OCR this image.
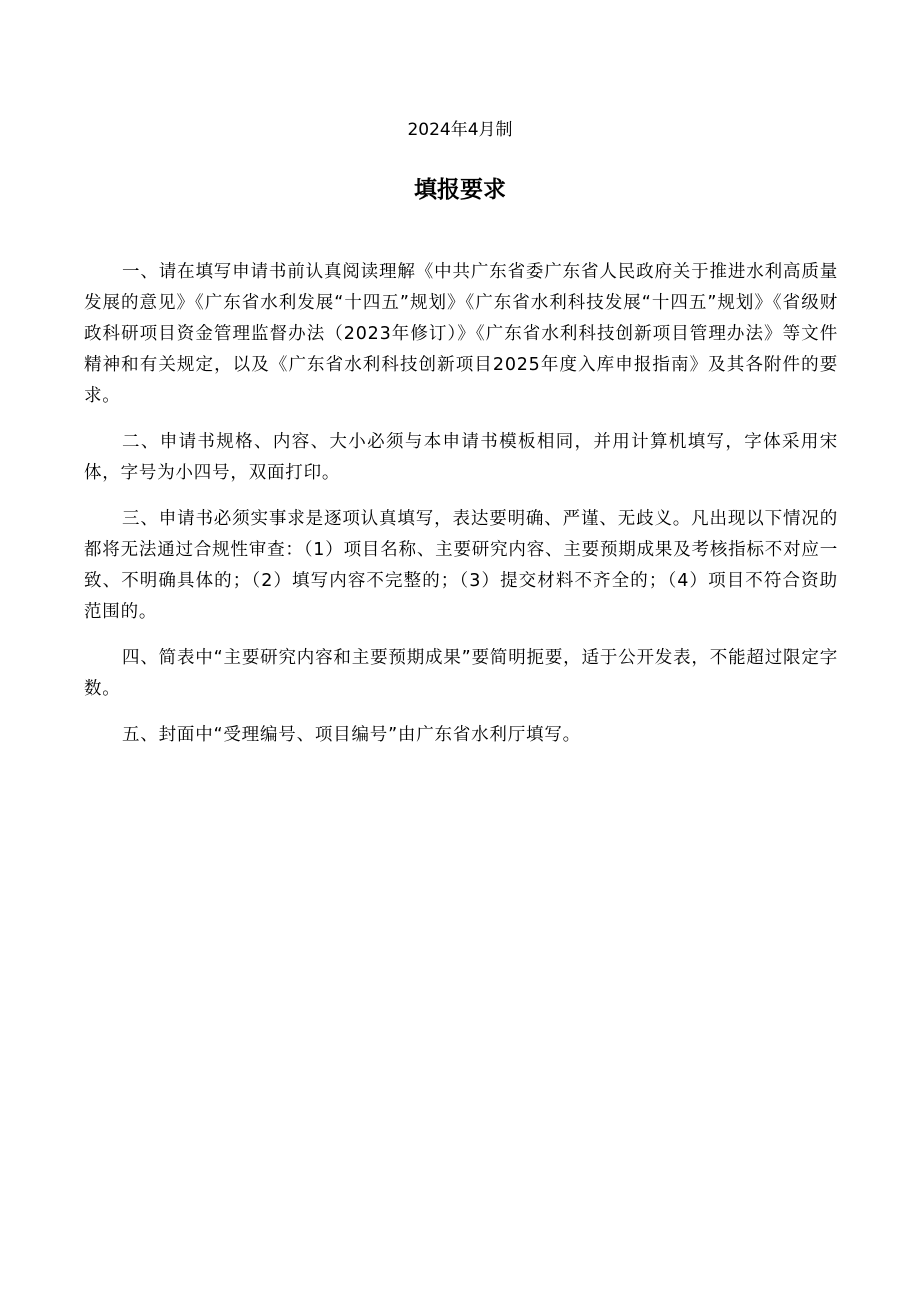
2024年4月制
填报要求

一、请在填写申请书前认真阅读理解《中共广东省委广东省人民政府关于推进水利高质量发展的意见》《广东省水利发展“十四五”规划》《广东省水利科技发展“十四五”规划》《省级财政科研项目资金管理监督办法（2023年修订）》《广东省水利科技创新项目管理办法》等文件精神和有关规定，以及《广东省水利科技创新项目2025年度入库申报指南》及其各附件的要求。

二、申请书规格、内容、大小必须与本申请书模板相同，并用计算机填写，字体采用宋体，字号为小四号，双面打印。

三、申请书必须实事求是逐项认真填写，表达要明确、严谨、无歧义。凡出现以下情况的都将无法通过合规性审查：（1）项目名称、主要研究内容、主要预期成果及考核指标不对应一致、不明确具体的；（2）填写内容不完整的；（3）提交材料不齐全的；（4）项目不符合资助范围的。

四、简表中“主要研究内容和主要预期成果”要简明扼要，适于公开发表，不能超过限定字数。

五、封面中“受理编号、项目编号”由广东省水利厅填写。
